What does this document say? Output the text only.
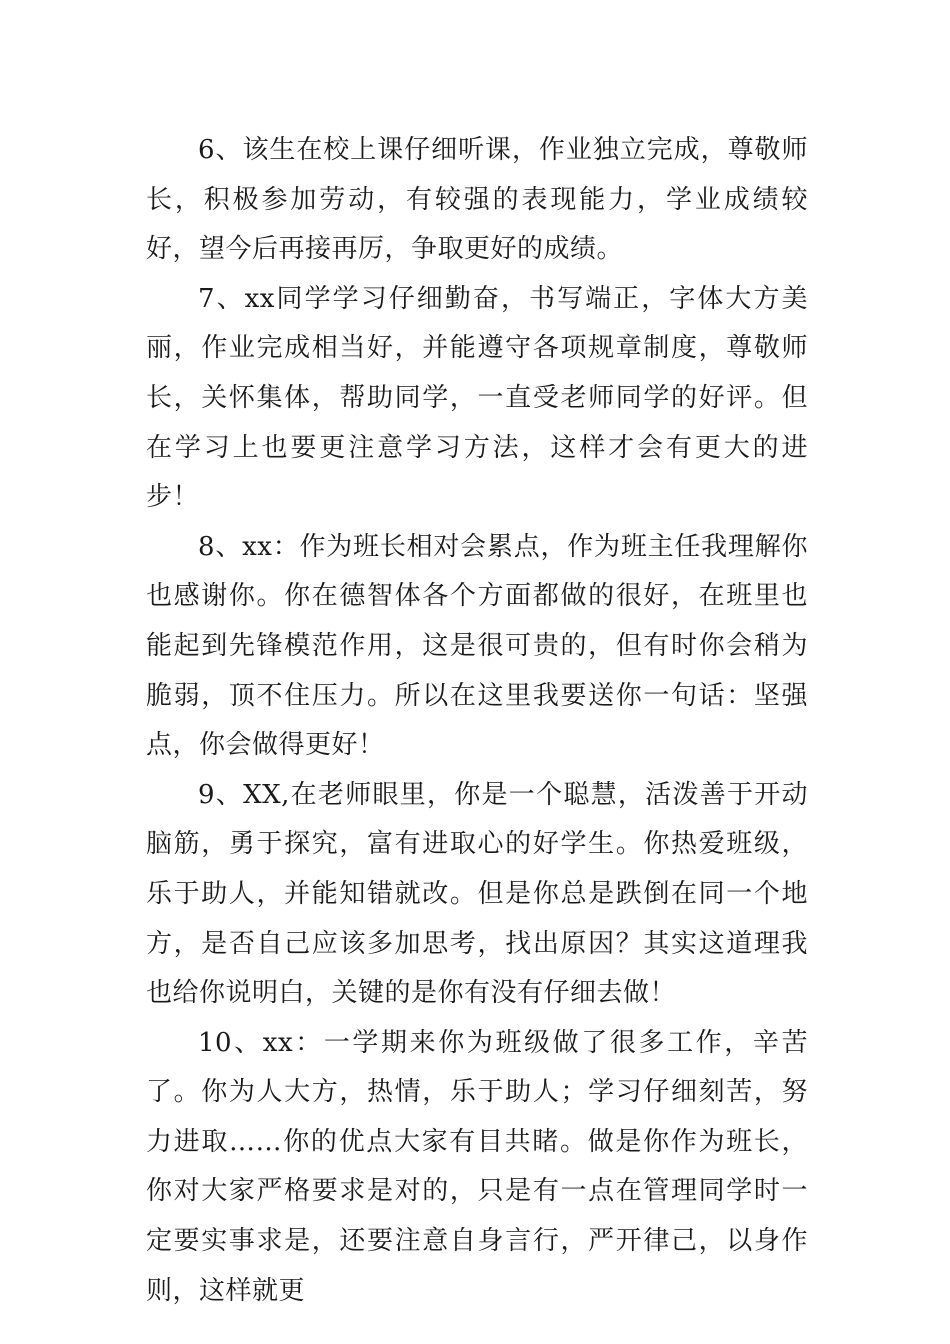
6、该生在校上课仔细听课，作业独立完成，尊敬师长，积极参加劳动，有较强的表现能力，学业成绩较好，望今后再接再厉，争取更好的成绩。

7、xx同学学习仔细勤奋，书写端正，字体大方美丽，作业完成相当好，并能遵守各项规章制度，尊敬师长，关怀集体，帮助同学，一直受老师同学的好评。但在学习上也要更注意学习方法，这样才会有更大的进步！

8、xx：作为班长相对会累点，作为班主任我理解你也感谢你。你在德智体各个方面都做的很好，在班里也能起到先锋模范作用，这是很可贵的，但有时你会稍为脆弱，顶不住压力。所以在这里我要送你一句话：坚强点，你会做得更好！

9、XX,在老师眼里，你是一个聪慧，活泼善于开动脑筋，勇于探究，富有进取心的好学生。你热爱班级，乐于助人，并能知错就改。但是你总是跌倒在同一个地方，是否自己应该多加思考，找出原因？其实这道理我也给你说明白，关键的是你有没有仔细去做！

10、xx：一学期来你为班级做了很多工作，辛苦了。你为人大方，热情，乐于助人；学习仔细刻苦，努力进取……你的优点大家有目共睹。做是你作为班长，你对大家严格要求是对的，只是有一点在管理同学时一定要实事求是，还要注意自身言行，严开律己，以身作则，这样就更
